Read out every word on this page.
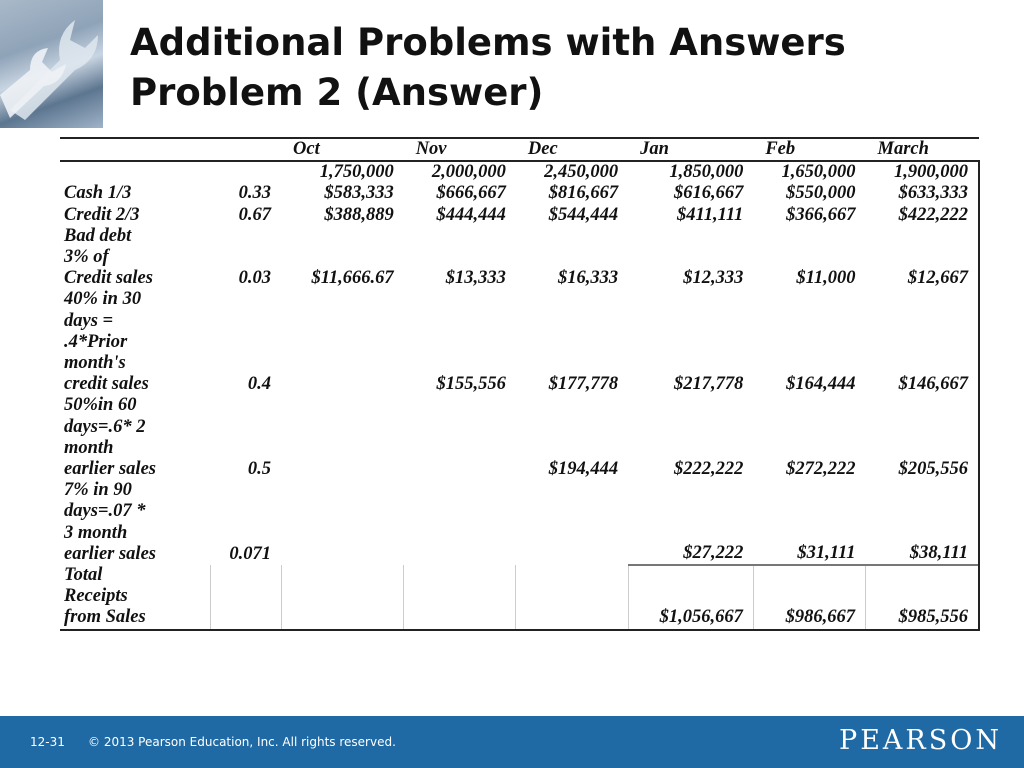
Additional Problems with Answers
Problem 2 (Answer)
		Oct	Nov	Dec	Jan	Feb	March
		1,750,000	2,000,000	2,450,000	1,850,000	1,650,000	1,900,000
Cash 1/3	0.33	$583,333	$666,667	$816,667	$616,667	$550,000	$633,333
Credit 2/3	0.67	$388,889	$444,444	$544,444	$411,111	$366,667	$422,222
Bad debt
3% of
Credit sales	0.03	$11,666.67	$13,333	$16,333	$12,333	$11,000	$12,667
40% in 30
days =
.4*Prior
month's
credit sales	0.4		$155,556	$177,778	$217,778	$164,444	$146,667
50%in 60
days=.6* 2
month
earlier sales	0.5			$194,444	$222,222	$272,222	$205,556
7% in 90
days=.07 *
3 month
earlier sales	0.071				$27,222	$31,111	$38,111
Total
Receipts
from Sales					$1,056,667	$986,667	$985,556
12-31 © 2013 Pearson Education, Inc. All rights reserved.	PEARSON
